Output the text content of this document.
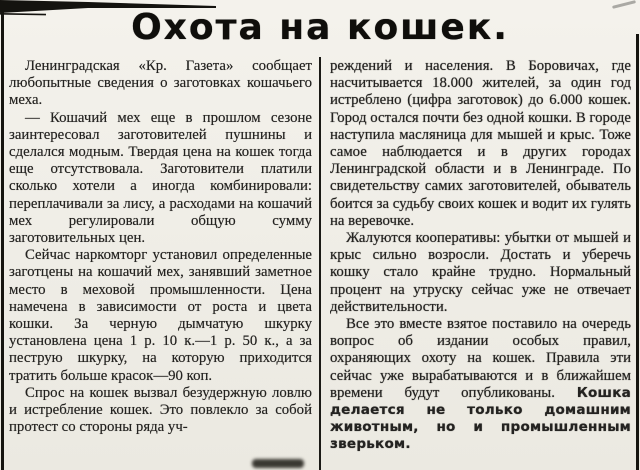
Охота на кошек.

Ленинградская «Кр. Газета» сообщает любопытные сведения о заготовках кошачьего меха.

— Кошачий мех еще в прошлом сезоне заинтересовал заготовителей пушнины и сделался модным. Твердая цена на кошек тогда еще отсутствовала. Заготовители платили сколько хотели а иногда комбинировали: переплачивали за лису, а расходами на кошачий мех регулировали общую сумму заготовительных цен.

Сейчас наркомторг установил определенные заготцены на кошачий мех, занявший заметное место в меховой промышленности. Цена намечена в зависимости от роста и цвета кошки. За черную дымчатую шкурку установлена цена 1 р. 10 к.—1 р. 50 к., а за пеструю шкурку, на которую приходится тратить больше красок—90 коп.

Спрос на кошек вызвал безудержную ловлю и истребление кошек. Это повлекло за собой протест со стороны ряда уч-

реждений и населения. В Боровичах, где насчитывается 18.000 жителей, за один год истреблено (цифра заготовок) до 6.000 кошек. Город остался почти без одной кошки. В городе наступила масляница для мышей и крыс. Тоже самое наблюдается и в других городах Ленинградской области и в Ленинграде. По свидетельству самих заготовителей, обыватель боится за судьбу своих кошек и водит их гулять на веревочке.

Жалуются кооперативы: убытки от мышей и крыс сильно возросли. Достать и уберечь кошку стало крайне трудно. Нормальный процент на утруску сейчас уже не отвечает действительности.

Все это вместе взятое поставило на очередь вопрос об издании особых правил, охраняющих охоту на кошек. Правила эти сейчас уже вырабатываются и в ближайшем времени будут опубликованы. Кошка делается не только домашним животным, но и промышленным зверьком.
